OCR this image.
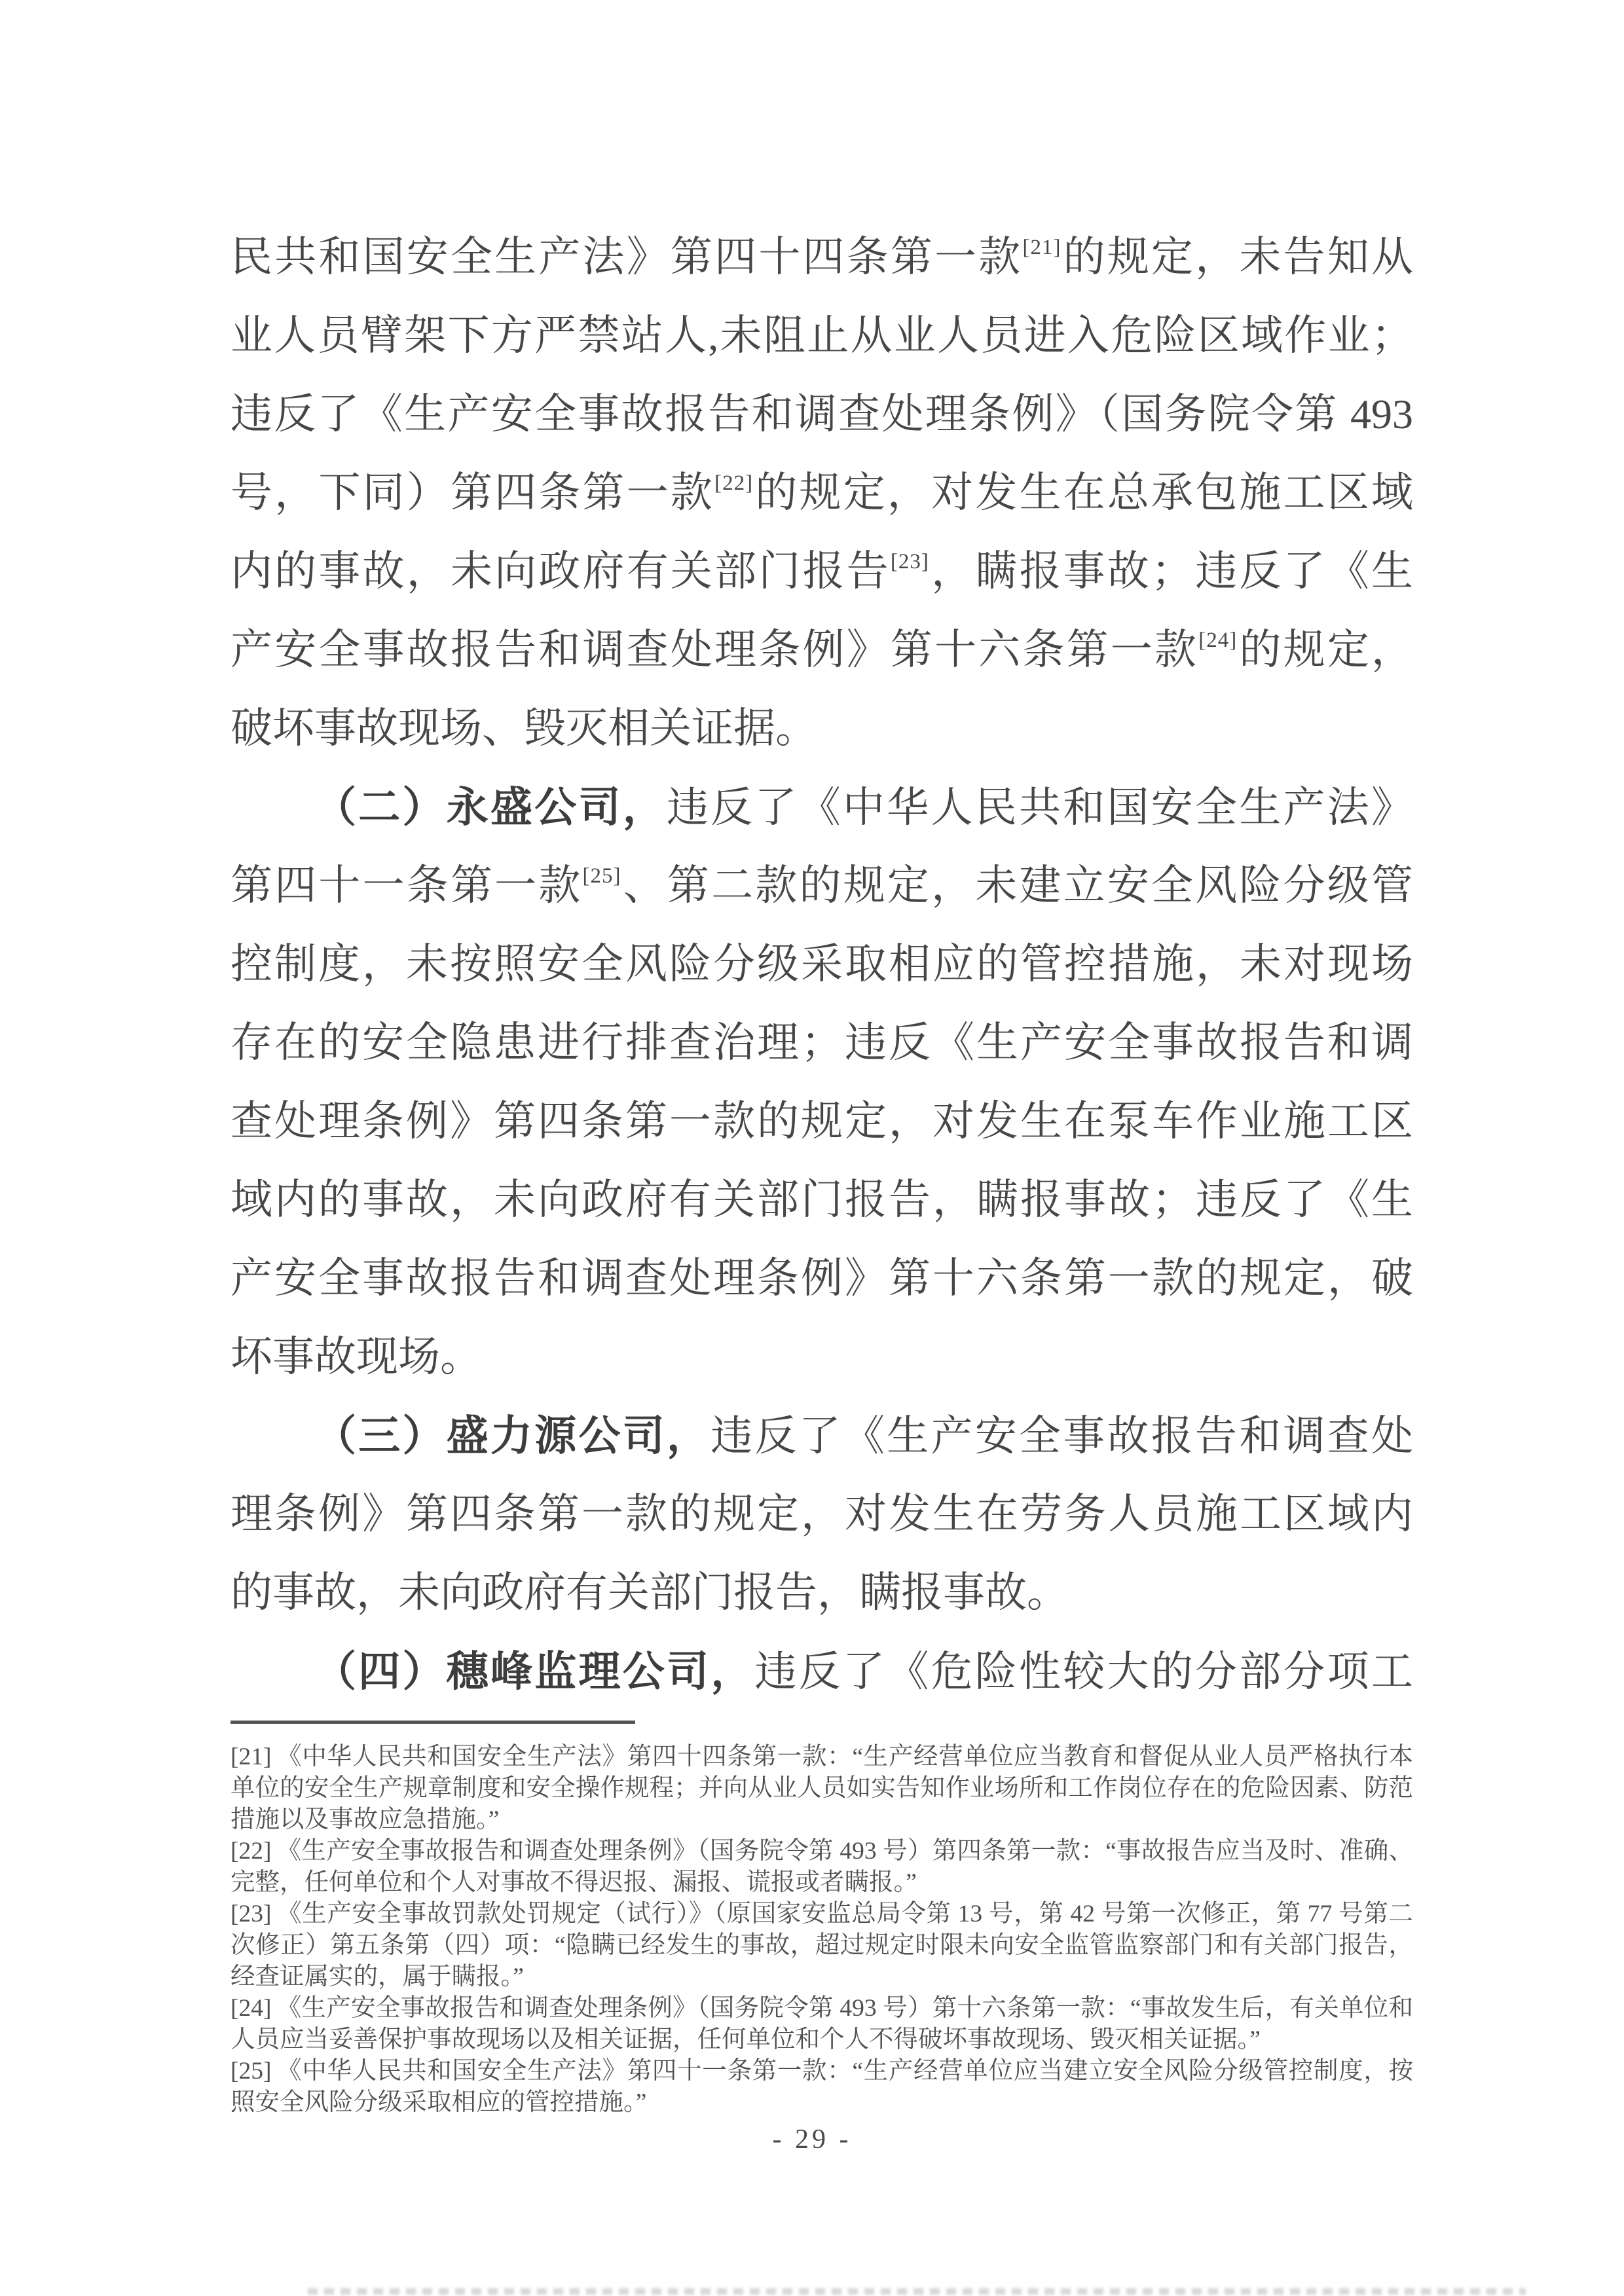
民共和国安全生产法》第四十四条第一款[21]的规定，未告知从
业人员臂架下方严禁站人,未阻止从业人员进入危险区域作业；
违反了《生产安全事故报告和调查处理条例》（国务院令第 493
号，下同）第四条第一款[22]的规定，对发生在总承包施工区域
内的事故，未向政府有关部门报告[23]，瞒报事故；违反了《生
产安全事故报告和调查处理条例》第十六条第一款[24]的规定，
破坏事故现场、毁灭相关证据。
（二）永盛公司，违反了《中华人民共和国安全生产法》
第四十一条第一款[25]、第二款的规定，未建立安全风险分级管
控制度，未按照安全风险分级采取相应的管控措施，未对现场
存在的安全隐患进行排查治理；违反《生产安全事故报告和调
查处理条例》第四条第一款的规定，对发生在泵车作业施工区
域内的事故，未向政府有关部门报告，瞒报事故；违反了《生
产安全事故报告和调查处理条例》第十六条第一款的规定，破
坏事故现场。
（三）盛力源公司，违反了《生产安全事故报告和调查处
理条例》第四条第一款的规定，对发生在劳务人员施工区域内
的事故，未向政府有关部门报告，瞒报事故。
（四）穗峰监理公司，违反了《危险性较大的分部分项工
[21] 《中华人民共和国安全生产法》第四十四条第一款：“生产经营单位应当教育和督促从业人员严格执行本单位的安全生产规章制度和安全操作规程；并向从业人员如实告知作业场所和工作岗位存在的危险因素、防范措施以及事故应急措施。”
[22] 《生产安全事故报告和调查处理条例》（国务院令第 493 号）第四条第一款：“事故报告应当及时、准确、完整，任何单位和个人对事故不得迟报、漏报、谎报或者瞒报。”
[23] 《生产安全事故罚款处罚规定（试行）》（原国家安监总局令第 13 号，第 42 号第一次修正，第 77 号第二次修正）第五条第（四）项：“隐瞒已经发生的事故，超过规定时限未向安全监管监察部门和有关部门报告，经查证属实的，属于瞒报。”
[24] 《生产安全事故报告和调查处理条例》（国务院令第 493 号）第十六条第一款：“事故发生后，有关单位和人员应当妥善保护事故现场以及相关证据，任何单位和个人不得破坏事故现场、毁灭相关证据。”
[25] 《中华人民共和国安全生产法》第四十一条第一款：“生产经营单位应当建立安全风险分级管控制度，按照安全风险分级采取相应的管控措施。”
- 29 -
